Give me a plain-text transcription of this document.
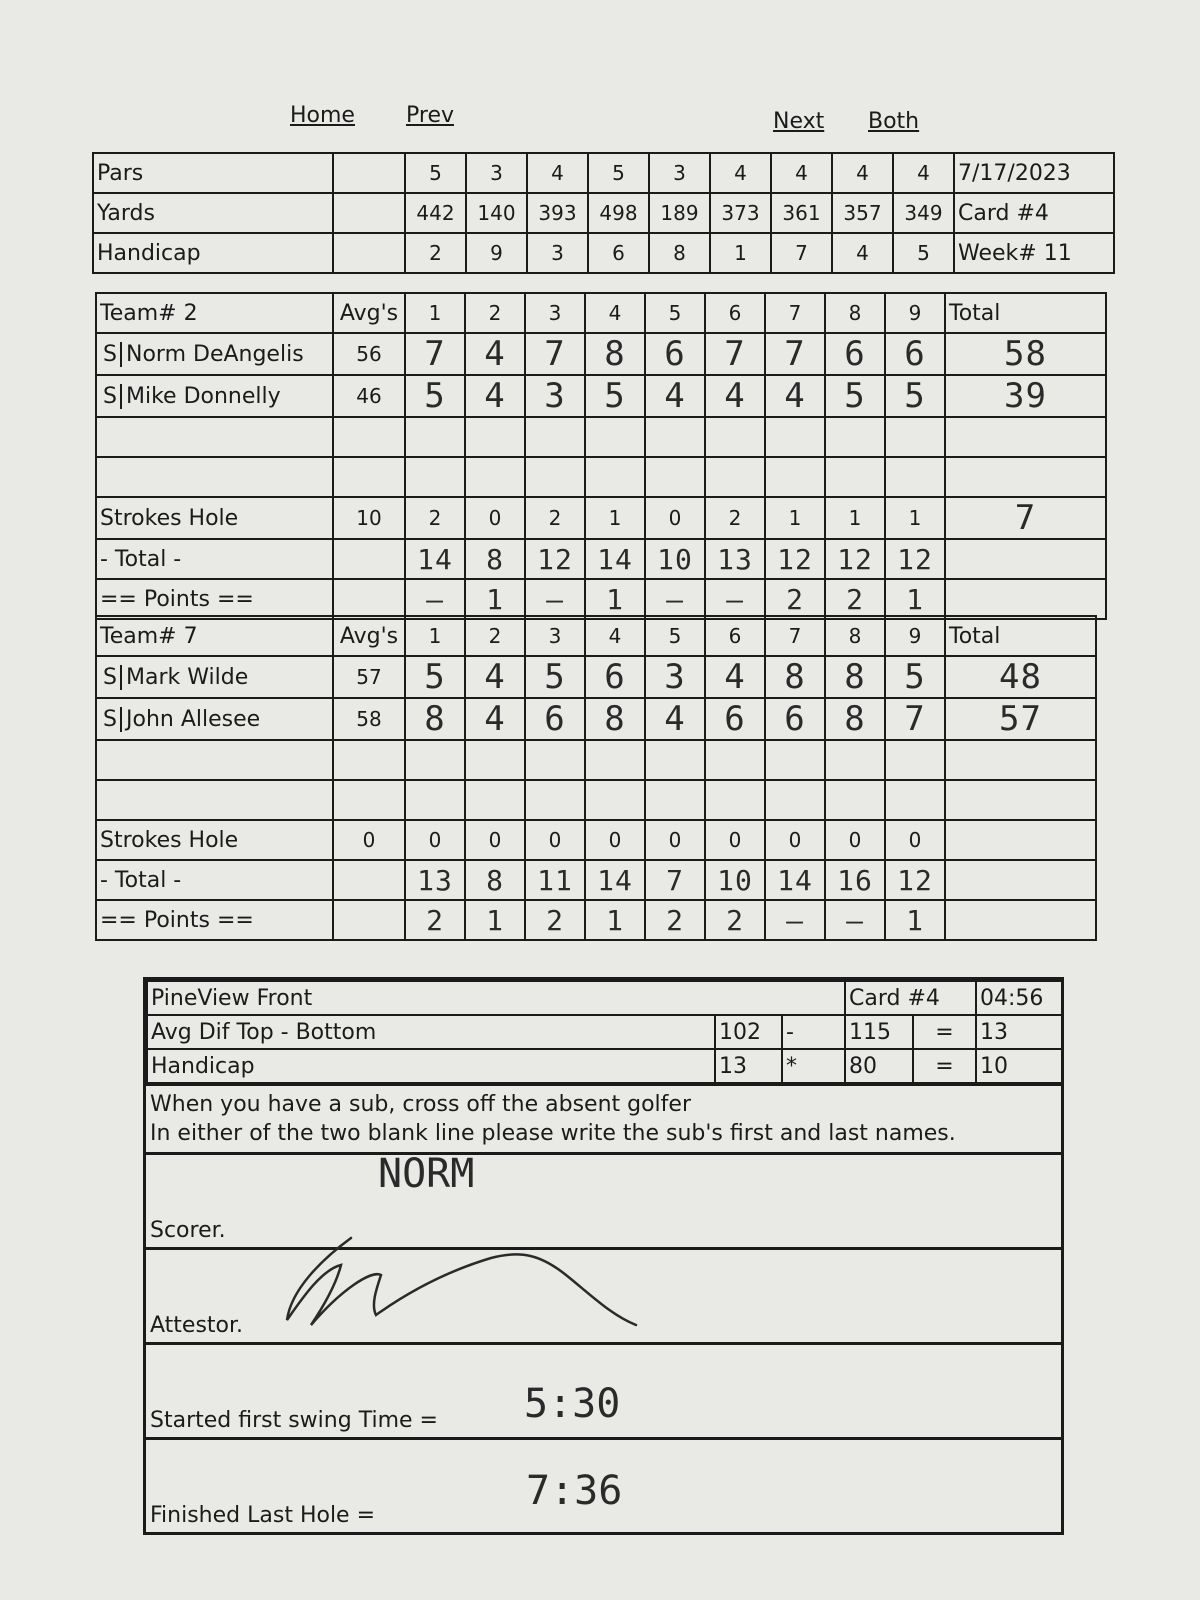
Home Prev	Next Both
Pars		5	3	4	5	3	4	4	4	4	7/17/2023
Yards		442	140	393	498	189	373	361	357	349	Card #4
Handicap		2	9	3	6	8	1	7	4	5	Week# 11
Team# 2	Avg's	1	2	3	4	5	6	7	8	9	Total
S Norm DeAngelis	56	7	4	7	8	6	7	7	6	6	58
S Mike Donnelly	46	5	4	3	5	4	4	4	5	5	39

Strokes Hole	10	2	0	2	1	0	2	1	1	1	7
- Total -		14	8	12	14	10	13	12	12	12	
== Points ==		—	1	—	1	—	—	2	2	1	
Team# 7	Avg's	1	2	3	4	5	6	7	8	9	Total
S Mark Wilde	57	5	4	5	6	3	4	8	8	5	48
S John Allesee	58	8	4	6	8	4	6	6	8	7	57

Strokes Hole	0	0	0	0	0	0	0	0	0	0	
- Total -		13	8	11	14	7	10	14	16	12	
== Points ==		2	1	2	1	2	2	—	—	1	
PineView Front			Card #4		04:56
Avg Dif Top - Bottom	102	-	115	=	13
Handicap	13	*	80	=	10
When you have a sub, cross off the absent golfer
In either of the two blank line please write the sub's first and last names.
Scorer.
NORM
Attestor.
Started first swing Time = 5:30
Finished Last Hole =
7:36
